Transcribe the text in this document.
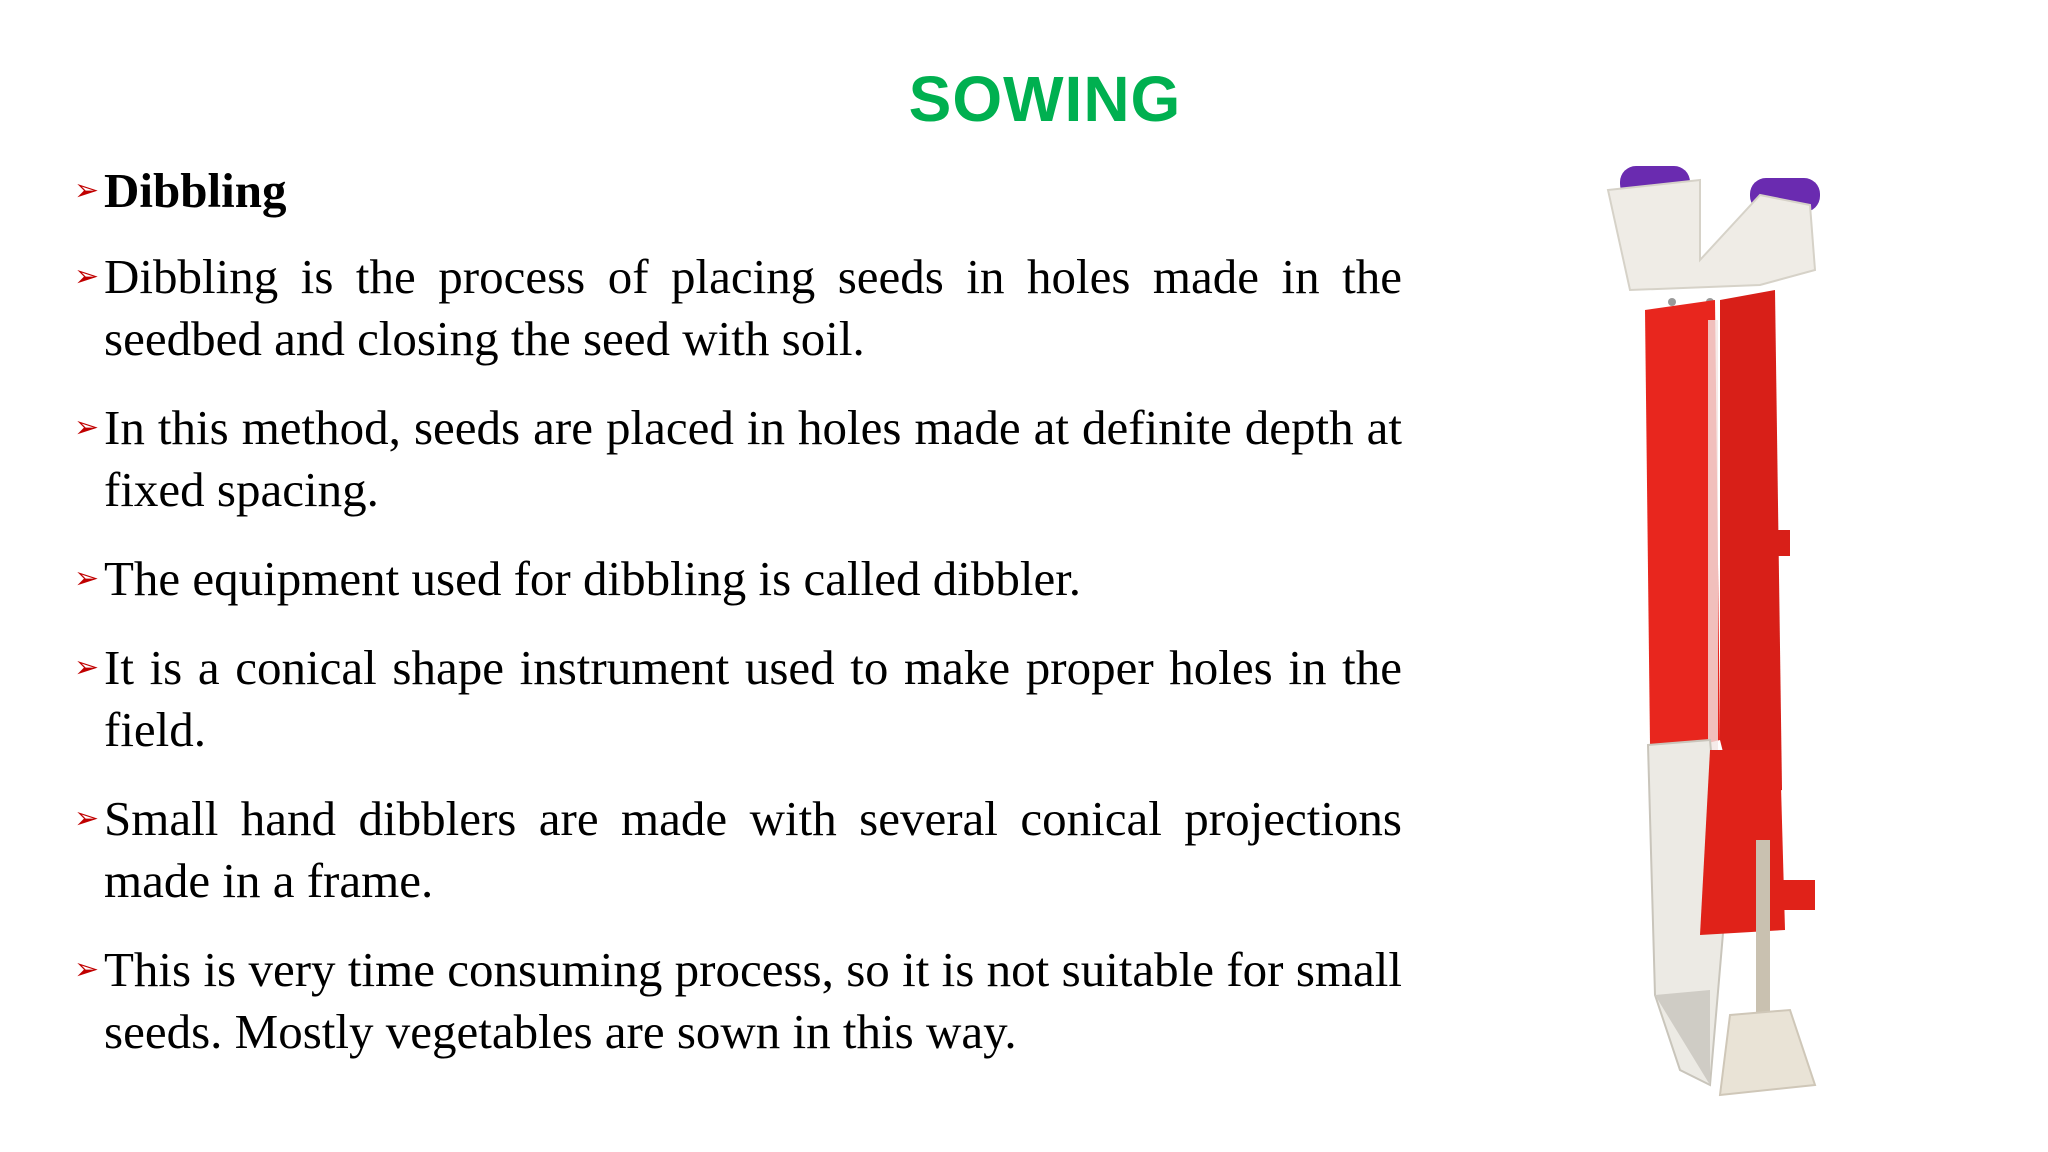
SOWING
➢ Dibbling
➢ Dibbling is the process of placing seeds in holes made in the seedbed and closing the seed with soil.
➢ In this method, seeds are placed in holes made at definite depth at fixed spacing.
➢ The equipment used for dibbling is called dibbler.
➢ It is a conical shape instrument used to make proper holes in the field.
➢ Small hand dibblers are made with several conical projections made in a frame.
➢ This is very time consuming process, so it is not suitable for small seeds. Mostly vegetables are sown in this way.
